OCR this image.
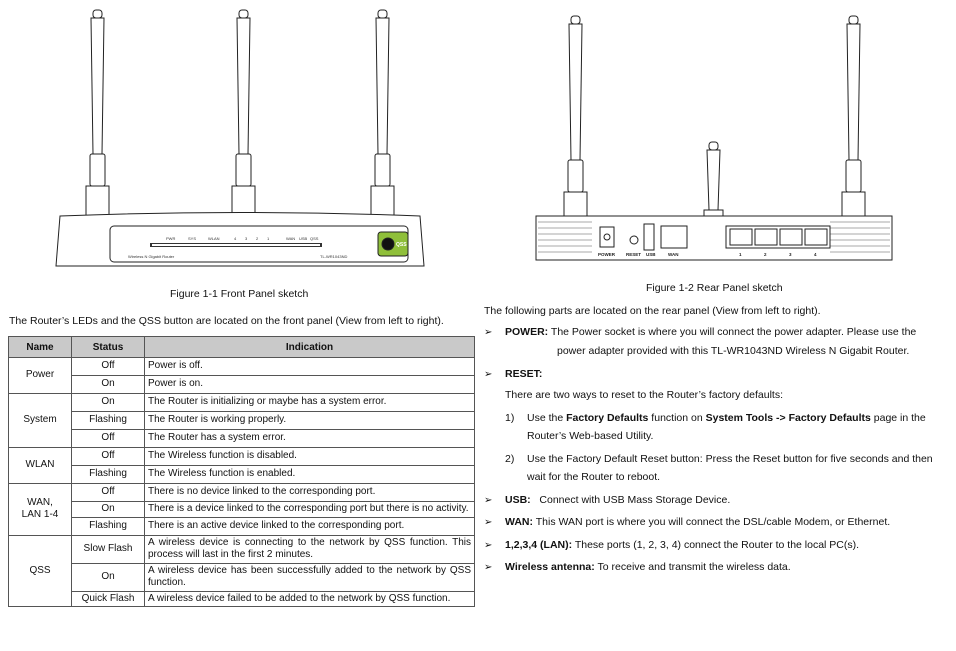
PWR	SYS	WLAN	4 3 2 1	WAN USB QSS
Wireless N Gigabit Router	TL-WR1043ND
QSS
Figure 1-1 Front Panel sketch
POWER RESET USB	WAN	1	2	3	4
Figure 1-2 Rear Panel sketch
The Router’s LEDs and the QSS button are located on the front panel (View from left to right).
Name	Status	Indication
Power	Off	Power is off.
	On	Power is on.
System	On	The Router is initializing or maybe has a system error.
	Flashing	The Router is working properly.
	Off	The Router has a system error.
WLAN	Off	The Wireless function is disabled.
	Flashing	The Wireless function is enabled.
WAN,
LAN 1-4	Off	There is no device linked to the corresponding port.
	On	There is a device linked to the corresponding port but there is no activity.
	Flashing	There is an active device linked to the corresponding port.
QSS	Slow Flash	A wireless device is connecting to the network by QSS function. This process will last in the first 2 minutes.
	On	A wireless device has been successfully added to the network by QSS function.
	Quick Flash	A wireless device failed to be added to the network by QSS function.
The following parts are located on the rear panel (View from left to right).
➢ POWER: The Power socket is where you will connect the power adapter. Please use the
power adapter provided with this TL-WR1043ND Wireless N Gigabit Router.
➢ RESET:
There are two ways to reset to the Router’s factory defaults:
1) Use the Factory Defaults function on System Tools -> Factory Defaults page in the
Router’s Web-based Utility.
2) Use the Factory Default Reset button: Press the Reset button for five seconds and then
wait for the Router to reboot.
➢ USB:   Connect with USB Mass Storage Device.
➢ WAN: This WAN port is where you will connect the DSL/cable Modem, or Ethernet.
➢ 1,2,3,4 (LAN): These ports (1, 2, 3, 4) connect the Router to the local PC(s).
➢ Wireless antenna: To receive and transmit the wireless data.
